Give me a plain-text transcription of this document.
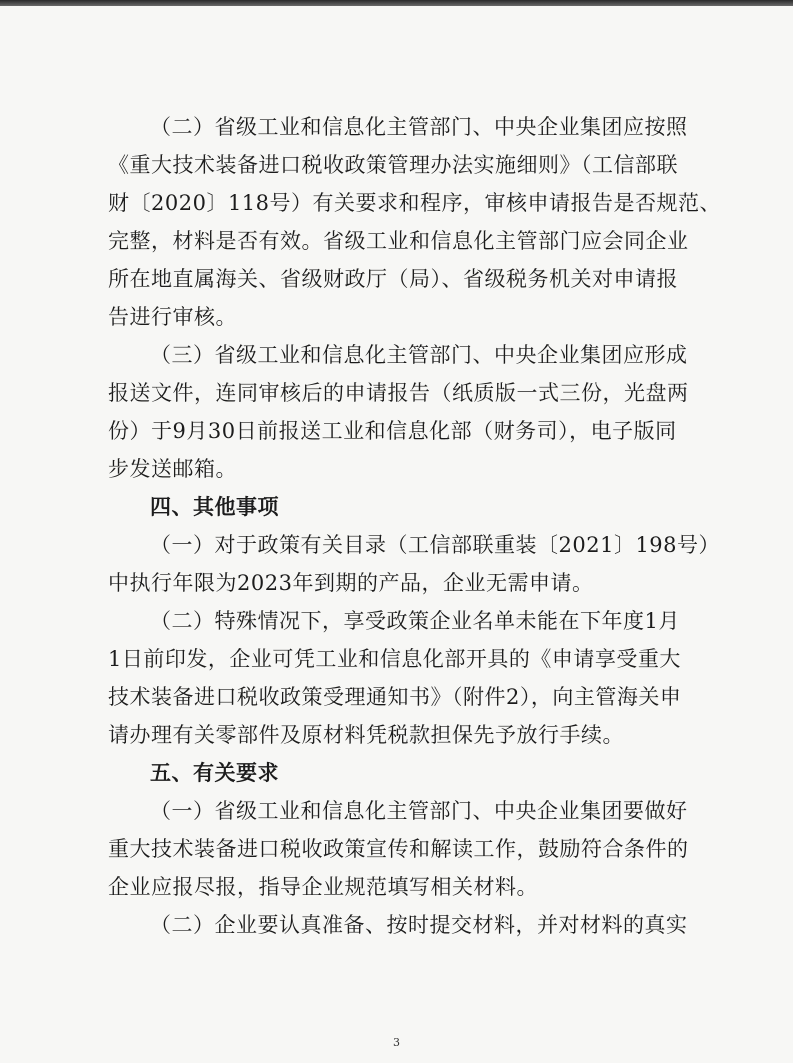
（二）省级工业和信息化主管部门、中央企业集团应按照
《重大技术装备进口税收政策管理办法实施细则》（工信部联
财〔2020〕118号）有关要求和程序，审核申请报告是否规范、
完整，材料是否有效。省级工业和信息化主管部门应会同企业
所在地直属海关、省级财政厅（局）、省级税务机关对申请报
告进行审核。
（三）省级工业和信息化主管部门、中央企业集团应形成
报送文件，连同审核后的申请报告（纸质版一式三份，光盘两
份）于9月30日前报送工业和信息化部（财务司），电子版同
步发送邮箱。
四、其他事项
（一）对于政策有关目录（工信部联重装〔2021〕198号）
中执行年限为2023年到期的产品，企业无需申请。
（二）特殊情况下，享受政策企业名单未能在下年度1月
1日前印发，企业可凭工业和信息化部开具的《申请享受重大
技术装备进口税收政策受理通知书》（附件2），向主管海关申
请办理有关零部件及原材料凭税款担保先予放行手续。
五、有关要求
（一）省级工业和信息化主管部门、中央企业集团要做好
重大技术装备进口税收政策宣传和解读工作，鼓励符合条件的
企业应报尽报，指导企业规范填写相关材料。
（二）企业要认真准备、按时提交材料，并对材料的真实
3
